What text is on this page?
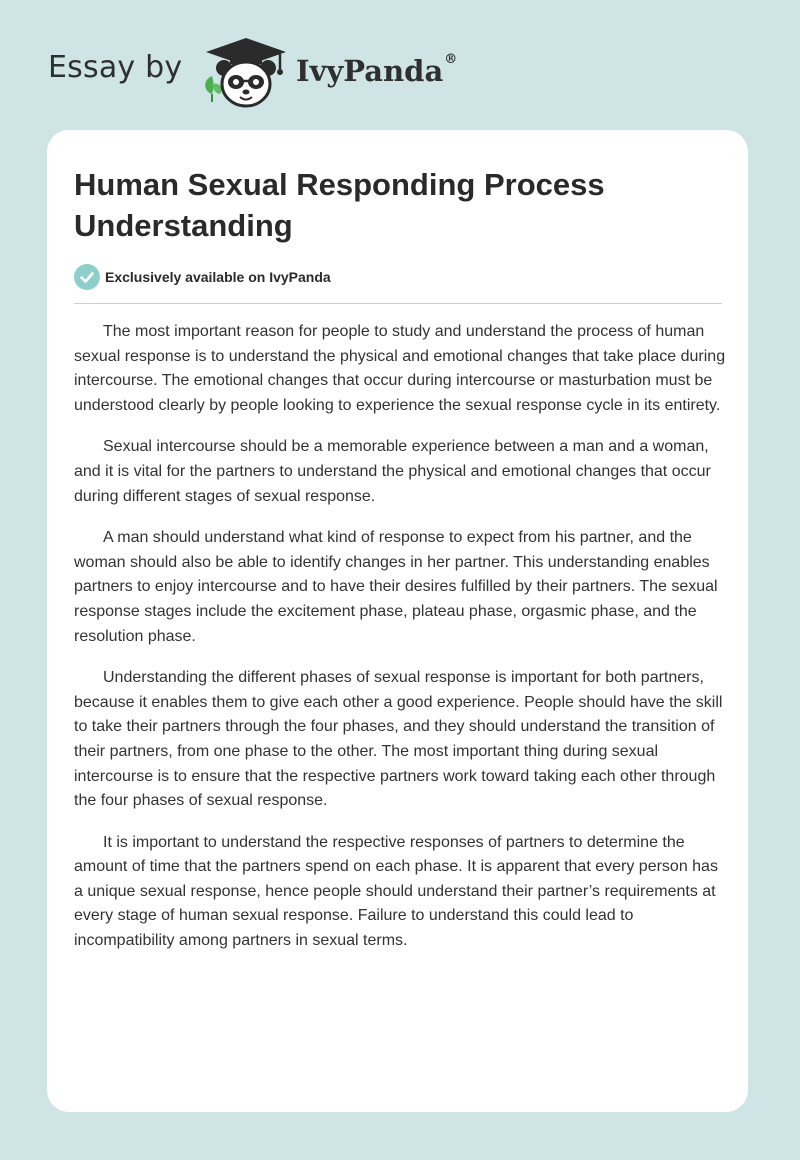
Essay by	IvyPanda®
Human Sexual Responding Process Understanding
Exclusively available on IvyPanda

The most important reason for people to study and understand the process of human sexual response is to understand the physical and emotional changes that take place during intercourse. The emotional changes that occur during intercourse or masturbation must be understood clearly by people looking to experience the sexual response cycle in its entirety.

Sexual intercourse should be a memorable experience between a man and a woman, and it is vital for the partners to understand the physical and emotional changes that occur during different stages of sexual response.

A man should understand what kind of response to expect from his partner, and the woman should also be able to identify changes in her partner. This understanding enables partners to enjoy intercourse and to have their desires fulfilled by their partners. The sexual response stages include the excitement phase, plateau phase, orgasmic phase, and the resolution phase.

Understanding the different phases of sexual response is important for both partners, because it enables them to give each other a good experience. People should have the skill to take their partners through the four phases, and they should understand the transition of their partners, from one phase to the other. The most important thing during sexual intercourse is to ensure that the respective partners work toward taking each other through the four phases of sexual response.

It is important to understand the respective responses of partners to determine the amount of time that the partners spend on each phase. It is apparent that every person has a unique sexual response, hence people should understand their partner’s requirements at every stage of human sexual response. Failure to understand this could lead to incompatibility among partners in sexual terms.
